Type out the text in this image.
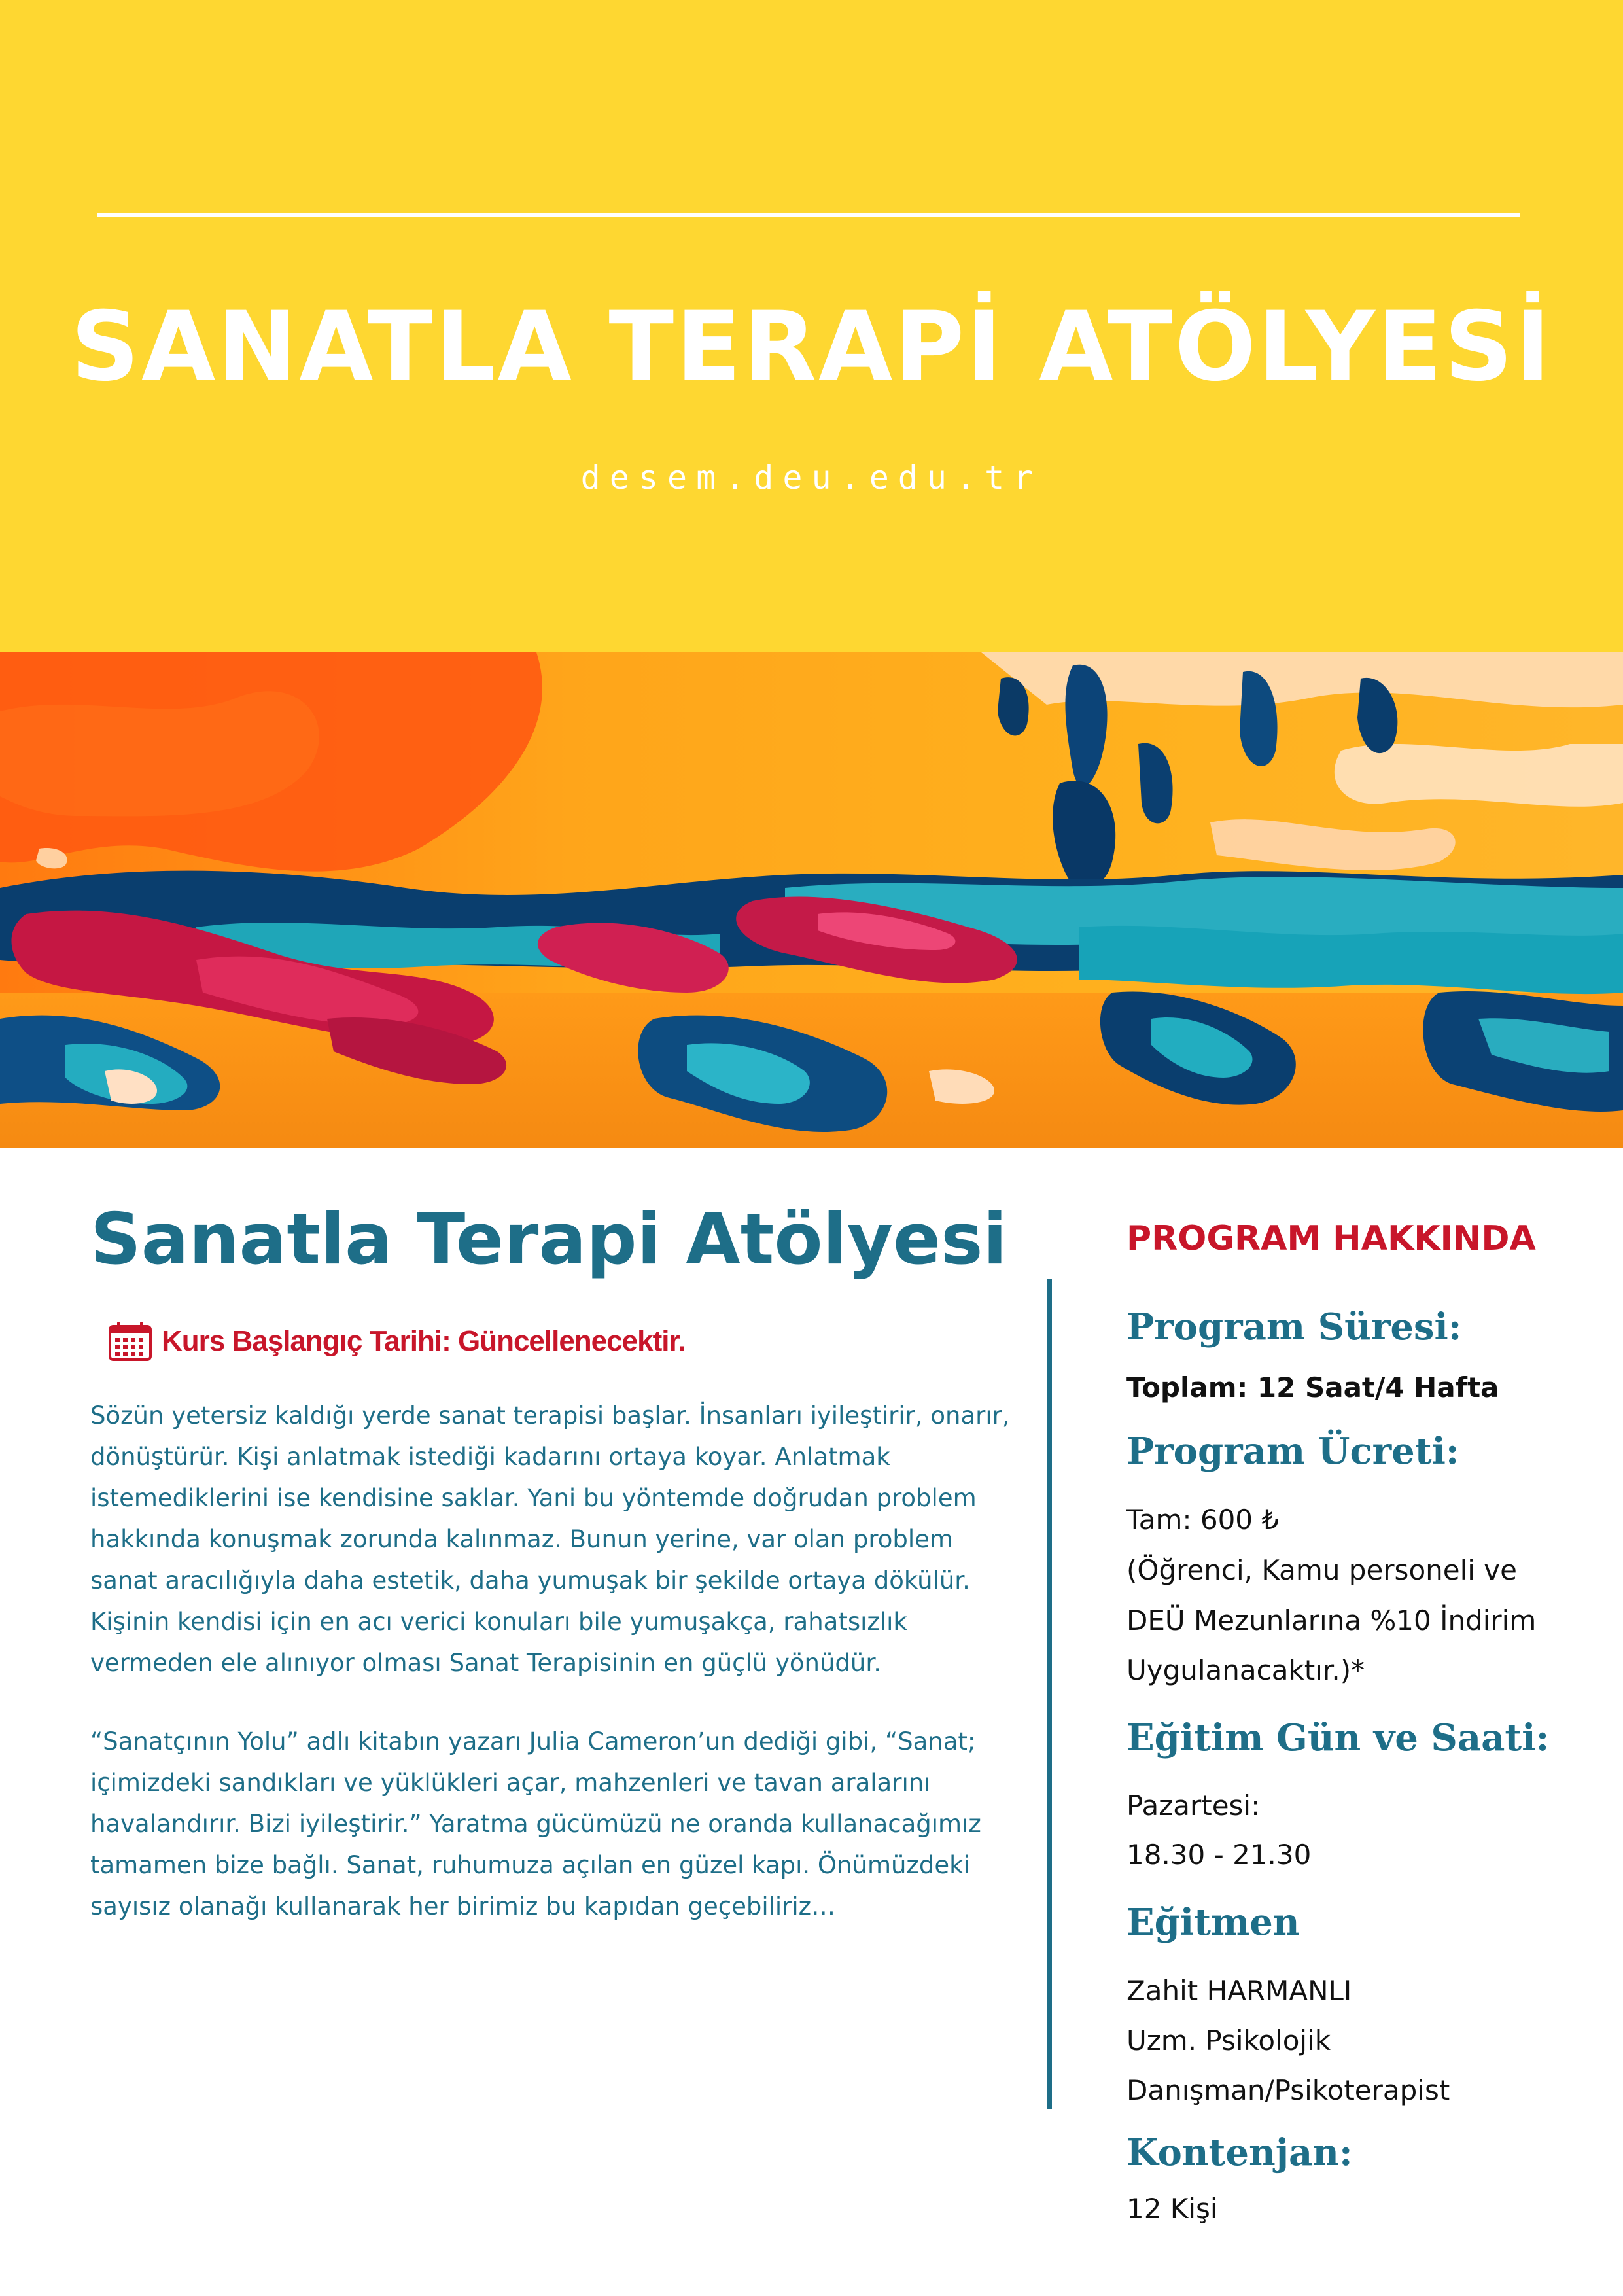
SANATLA TERAPİ ATÖLYESİ
desem.deu.edu.tr
Sanatla Terapi Atölyesi
Kurs Başlangıç Tarihi: Güncellenecektir.

Sözün yetersiz kaldığı yerde sanat terapisi başlar. İnsanları iyileştirir, onarır, dönüştürür. Kişi anlatmak istediği kadarını ortaya koyar. Anlatmak istemediklerini ise kendisine saklar. Yani bu yöntemde doğrudan problem hakkında konuşmak zorunda kalınmaz. Bunun yerine, var olan problem sanat aracılığıyla daha estetik, daha yumuşak bir şekilde ortaya dökülür. Kişinin kendisi için en acı verici konuları bile yumuşakça, rahatsızlık vermeden ele alınıyor olması Sanat Terapisinin en güçlü yönüdür.

“Sanatçının Yolu” adlı kitabın yazarı Julia Cameron’un dediği gibi, “Sanat; içimizdeki sandıkları ve yüklükleri açar, mahzenleri ve tavan aralarını havalandırır. Bizi iyileştirir.” Yaratma gücümüzü ne oranda kullanacağımız tamamen bize bağlı. Sanat, ruhumuza açılan en güzel kapı. Önümüzdeki sayısız olanağı kullanarak her birimiz bu kapıdan geçebiliriz…

PROGRAM HAKKINDA
Program Süresi:
Toplam: 12 Saat/4 Hafta
Program Ücreti:
Tam: 600 ₺
(Öğrenci, Kamu personeli ve
DEÜ Mezunlarına %10 İndirim
Uygulanacaktır.)*
Eğitim Gün ve Saati:
Pazartesi:
18.30 - 21.30
Eğitmen
Zahit HARMANLI
Uzm. Psikolojik
Danışman/Psikoterapist
Kontenjan:
12 Kişi
